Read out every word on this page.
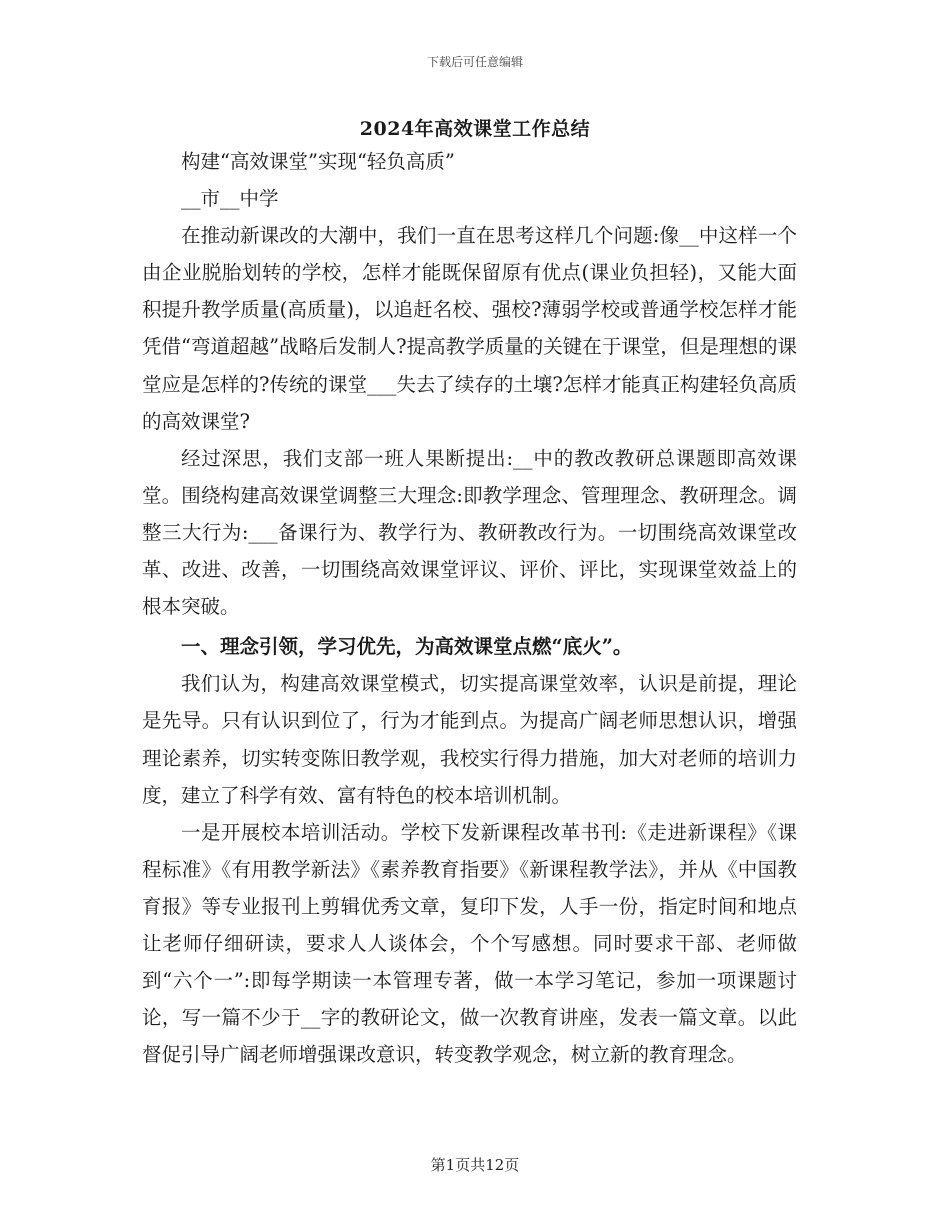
下载后可任意编辑
2024年高效课堂工作总结

构建“高效课堂”实现“轻负高质”

__市__中学

在推动新课改的大潮中，我们一直在思考这样几个问题:像__中这样一个由企业脱胎划转的学校，怎样才能既保留原有优点(课业负担轻)，又能大面积提升教学质量(高质量)，以追赶名校、强校?薄弱学校或普通学校怎样才能凭借“弯道超越”战略后发制人?提高教学质量的关键在于课堂，但是理想的课堂应是怎样的?传统的课堂___失去了续存的土壤?怎样才能真正构建轻负高质的高效课堂?

经过深思，我们支部一班人果断提出:__中的教改教研总课题即高效课堂。围绕构建高效课堂调整三大理念:即教学理念、管理理念、教研理念。调整三大行为:___备课行为、教学行为、教研教改行为。一切围绕高效课堂改革、改进、改善，一切围绕高效课堂评议、评价、评比，实现课堂效益上的根本突破。

一、理念引领，学习优先，为高效课堂点燃“底火”。

我们认为，构建高效课堂模式，切实提高课堂效率，认识是前提，理论是先导。只有认识到位了，行为才能到点。为提高广阔老师思想认识，增强理论素养，切实转变陈旧教学观，我校实行得力措施，加大对老师的培训力度，建立了科学有效、富有特色的校本培训机制。

一是开展校本培训活动。学校下发新课程改革书刊:《走进新课程》《课程标准》《有用教学新法》《素养教育指要》《新课程教学法》，并从《中国教育报》等专业报刊上剪辑优秀文章，复印下发，人手一份，指定时间和地点让老师仔细研读，要求人人谈体会，个个写感想。同时要求干部、老师做到“六个一”:即每学期读一本管理专著，做一本学习笔记，参加一项课题讨论，写一篇不少于__字的教研论文，做一次教育讲座，发表一篇文章。以此督促引导广阔老师增强课改意识，转变教学观念，树立新的教育理念。

第1页共12页
